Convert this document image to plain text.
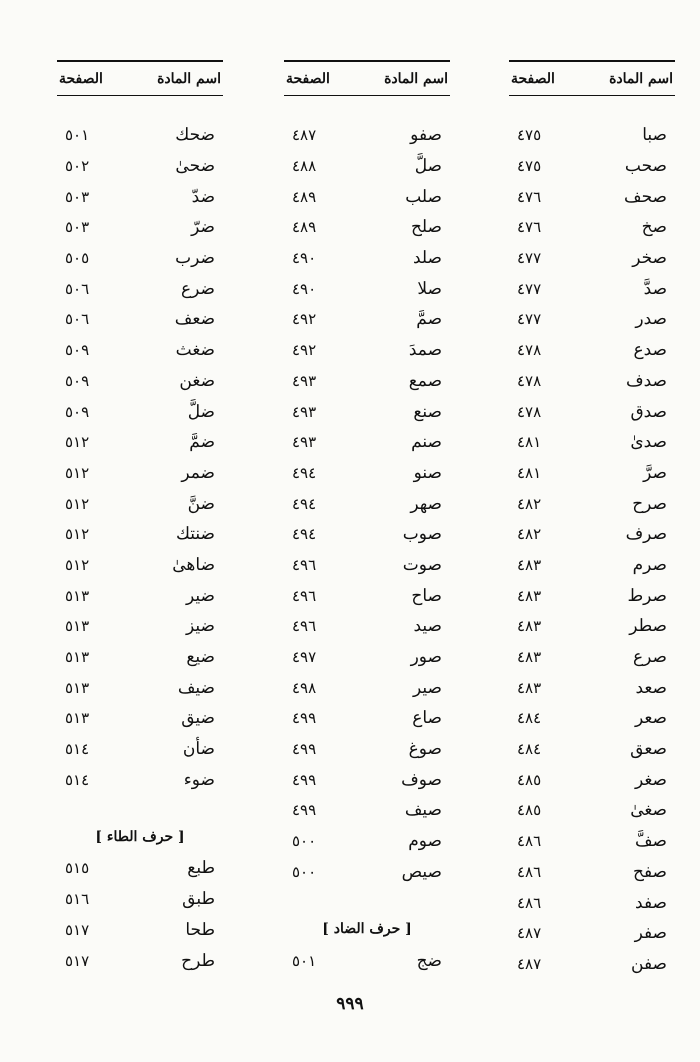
اسم المادة
الصفحة
صبا
٤٧٥
صحب
٤٧٥
صحف
٤٧٦
صخ
٤٧٦
صخر
٤٧٧
صدَّ
٤٧٧
صدر
٤٧٧
صدع
٤٧٨
صدف
٤٧٨
صدق
٤٧٨
صدىٰ
٤٨١
صرَّ
٤٨١
صرح
٤٨٢
صرف
٤٨٢
صرم
٤٨٣
صرط
٤٨٣
صطر
٤٨٣
صرع
٤٨٣
صعد
٤٨٣
صعر
٤٨٤
صعق
٤٨٤
صغر
٤٨٥
صغىٰ
٤٨٥
صفَّ
٤٨٦
صفح
٤٨٦
صفد
٤٨٦
صفر
٤٨٧
صفن
٤٨٧
اسم المادة
الصفحة
صفو
٤٨٧
صلَّ
٤٨٨
صلب
٤٨٩
صلح
٤٨٩
صلد
٤٩٠
صلا
٤٩٠
صمَّ
٤٩٢
صمدَ
٤٩٢
صمع
٤٩٣
صنع
٤٩٣
صنم
٤٩٣
صنو
٤٩٤
صهر
٤٩٤
صوب
٤٩٤
صوت
٤٩٦
صاح
٤٩٦
صيد
٤٩٦
صور
٤٩٧
صير
٤٩٨
صاع
٤٩٩
صوغ
٤٩٩
صوف
٤٩٩
صيف
٤٩٩
صوم
٥٠٠
صيص
٥٠٠
[ حرف الضاد ]
ضج
٥٠١
اسم المادة
الصفحة
ضحك
٥٠١
ضحىٰ
٥٠٢
ضدّ
٥٠٣
ضرّ
٥٠٣
ضرب
٥٠٥
ضرع
٥٠٦
ضعف
٥٠٦
ضغث
٥٠٩
ضغن
٥٠٩
ضلَّ
٥٠٩
ضمَّ
٥١٢
ضمر
٥١٢
ضنَّ
٥١٢
ضنتك
٥١٢
ضاهىٰ
٥١٢
ضير
٥١٣
ضيز
٥١٣
ضيع
٥١٣
ضيف
٥١٣
ضيق
٥١٣
ضأن
٥١٤
ضوء
٥١٤
[ حرف الطاء ]
طبع
٥١٥
طبق
٥١٦
طحا
٥١٧
طرح
٥١٧
٩٩٩
